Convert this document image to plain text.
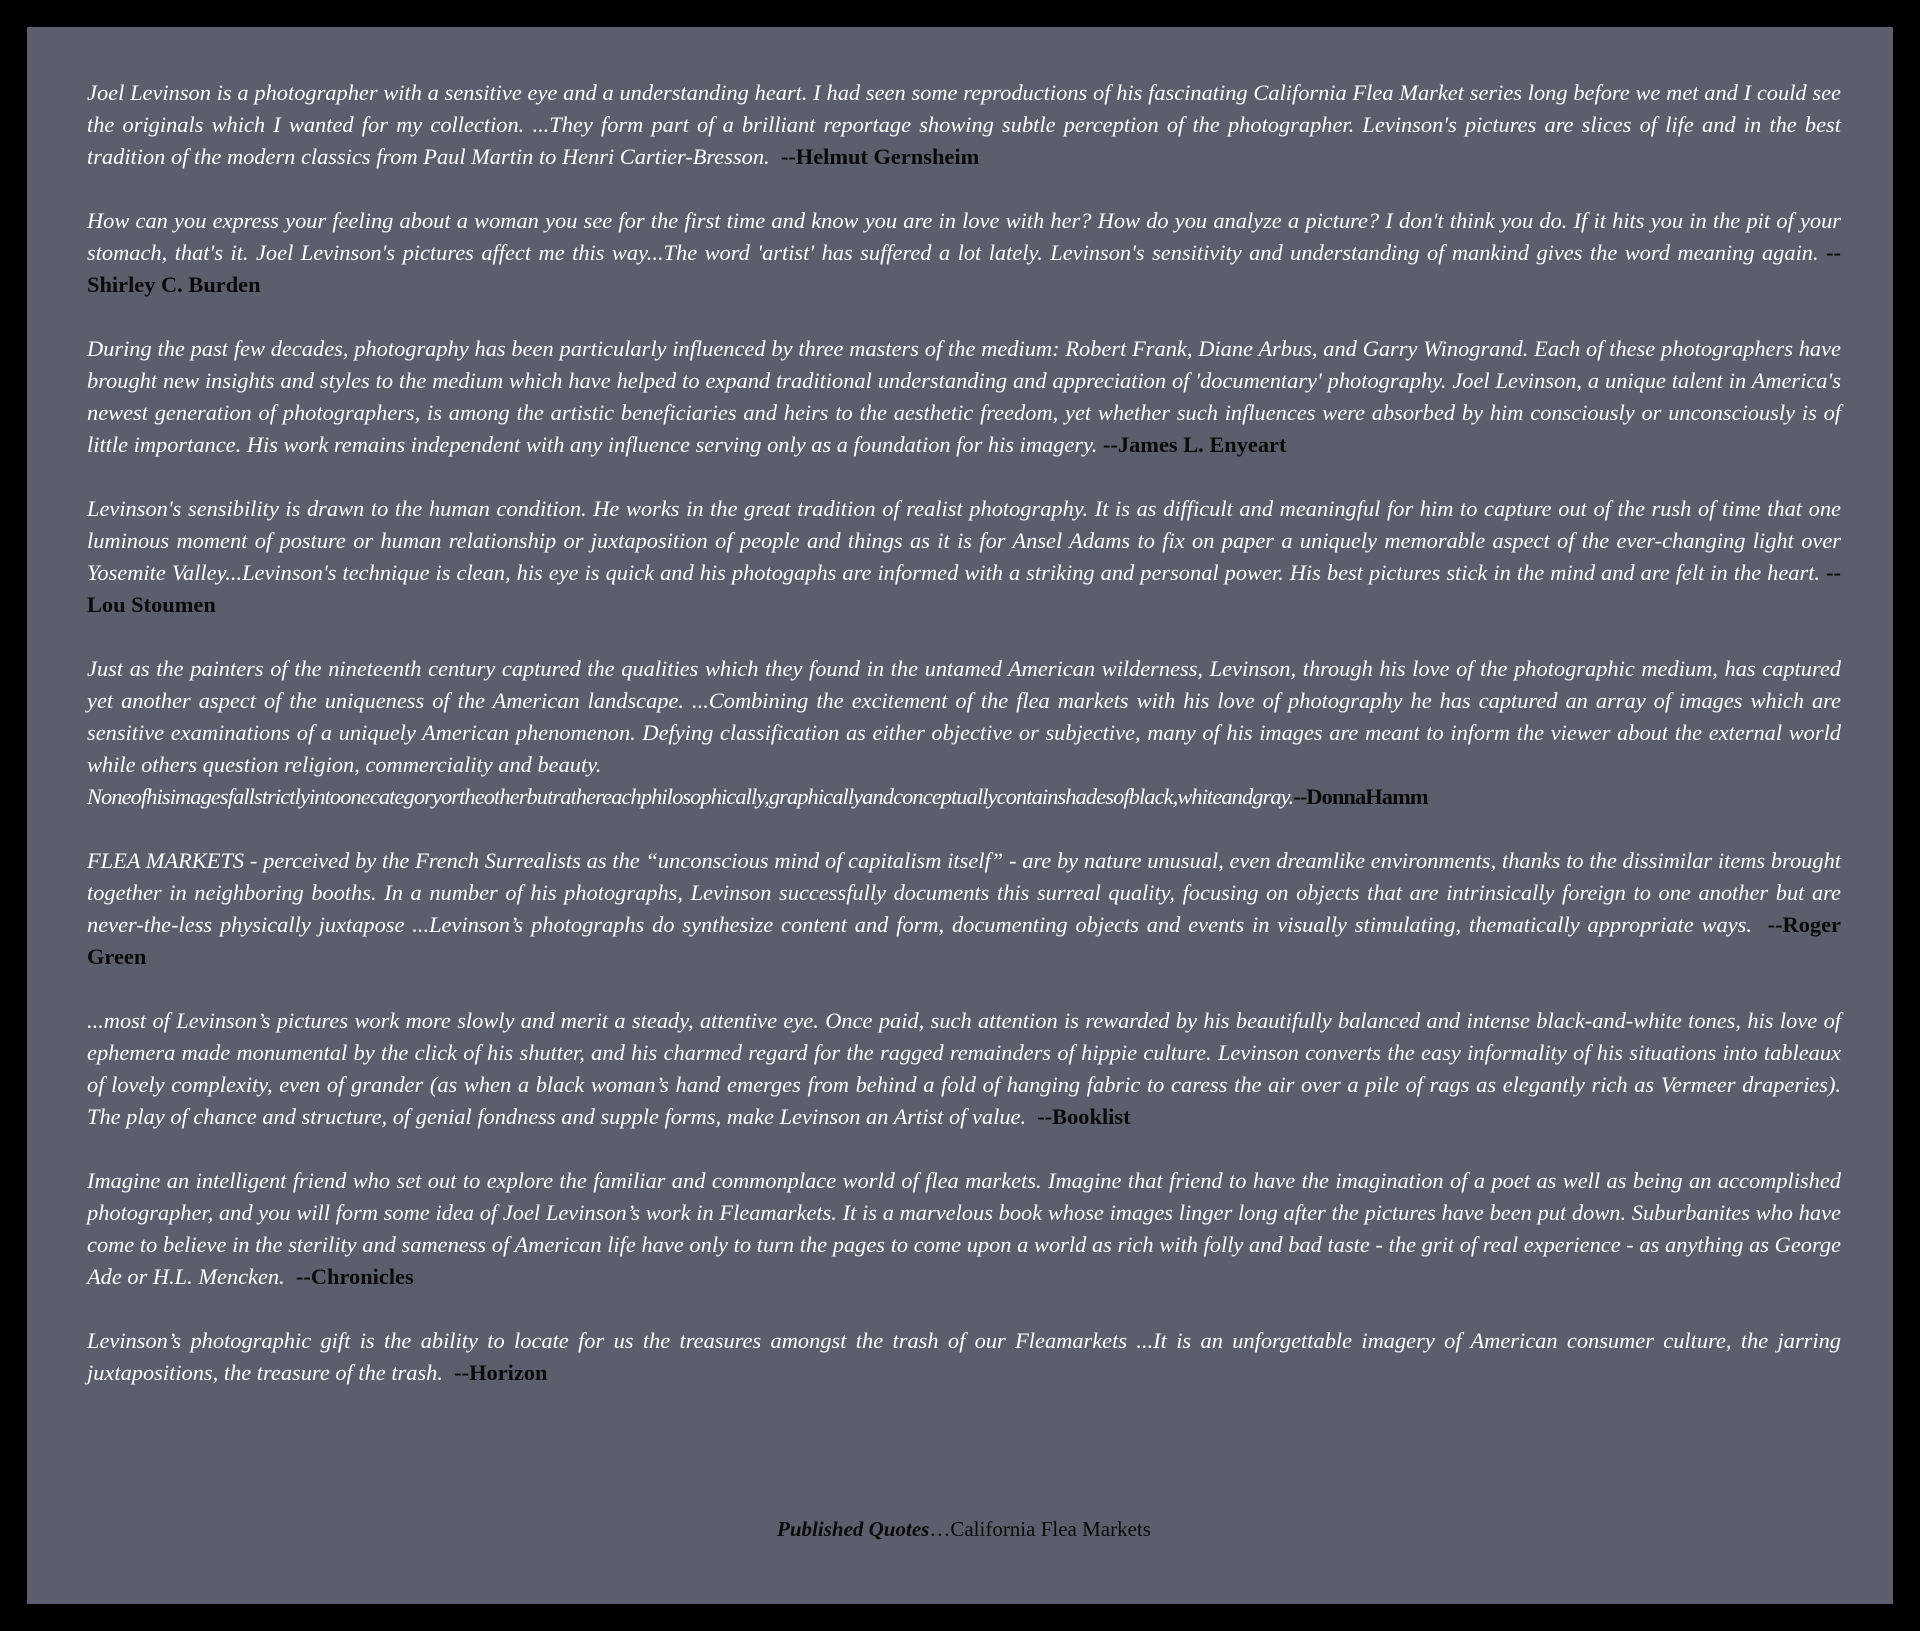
Joel Levinson is a photographer with a sensitive eye and a understanding heart. I had seen some reproductions of his fascinating California Flea Market series long before we met and I could see the originals which I wanted for my collection. ...They form part of a brilliant reportage showing subtle perception of the photographer. Levinson's pictures are slices of life and in the best tradition of the modern classics from Paul Martin to Henri Cartier-Bresson. --Helmut Gernsheim

How can you express your feeling about a woman you see for the first time and know you are in love with her? How do you analyze a picture? I don't think you do. If it hits you in the pit of your stomach, that's it. Joel Levinson's pictures affect me this way...The word 'artist' has suffered a lot lately. Levinson's sensitivity and understanding of mankind gives the word meaning again. --Shirley C. Burden

During the past few decades, photography has been particularly influenced by three masters of the medium: Robert Frank, Diane Arbus, and Garry Winogrand. Each of these photographers have brought new insights and styles to the medium which have helped to expand traditional understanding and appreciation of 'documentary' photography. Joel Levinson, a unique talent in America's newest generation of photographers, is among the artistic beneficiaries and heirs to the aesthetic freedom, yet whether such influences were absorbed by him consciously or unconsciously is of little importance. His work remains independent with any influence serving only as a foundation for his imagery. --James L. Enyeart

Levinson's sensibility is drawn to the human condition. He works in the great tradition of realist photography. It is as difficult and meaningful for him to capture out of the rush of time that one luminous moment of posture or human relationship or juxtaposition of people and things as it is for Ansel Adams to fix on paper a uniquely memorable aspect of the ever-changing light over Yosemite Valley...Levinson's technique is clean, his eye is quick and his photogaphs are informed with a striking and personal power. His best pictures stick in the mind and are felt in the heart. --Lou Stoumen

Just as the painters of the nineteenth century captured the qualities which they found in the untamed American wilderness, Levinson, through his love of the photographic medium, has captured yet another aspect of the uniqueness of the American landscape. ...Combining the excitement of the flea markets with his love of photography he has captured an array of images which are sensitive examinations of a uniquely American phenomenon. Defying classification as either objective or subjective, many of his images are meant to inform the viewer about the external world while others question religion, commerciality and beauty.
Noneofhisimagesfallstrictlyintoonecategoryortheotherbutrathereachphilosophically,graphicallyandconceptuallycontainshadesofblack,whiteandgray.--DonnaHamm

FLEA MARKETS - perceived by the French Surrealists as the “unconscious mind of capitalism itself” - are by nature unusual, even dreamlike environments, thanks to the dissimilar items brought together in neighboring booths. In a number of his photographs, Levinson successfully documents this surreal quality, focusing on objects that are intrinsically foreign to one another but are never-the-less physically juxtapose ...Levinson’s photographs do synthesize content and form, documenting objects and events in visually stimulating, thematically appropriate ways. --Roger Green

...most of Levinson’s pictures work more slowly and merit a steady, attentive eye. Once paid, such attention is rewarded by his beautifully balanced and intense black-and-white tones, his love of ephemera made monumental by the click of his shutter, and his charmed regard for the ragged remainders of hippie culture. Levinson converts the easy informality of his situations into tableaux of lovely complexity, even of grander (as when a black woman’s hand emerges from behind a fold of hanging fabric to caress the air over a pile of rags as elegantly rich as Vermeer draperies). The play of chance and structure, of genial fondness and supple forms, make Levinson an Artist of value. --Booklist

Imagine an intelligent friend who set out to explore the familiar and commonplace world of flea markets. Imagine that friend to have the imagination of a poet as well as being an accomplished photographer, and you will form some idea of Joel Levinson’s work in Fleamarkets. It is a marvelous book whose images linger long after the pictures have been put down. Suburbanites who have come to believe in the sterility and sameness of American life have only to turn the pages to come upon a world as rich with folly and bad taste - the grit of real experience - as anything as George Ade or H.L. Mencken. --Chronicles

Levinson’s photographic gift is the ability to locate for us the treasures amongst the trash of our Fleamarkets ...It is an unforgettable imagery of American consumer culture, the jarring juxtapositions, the treasure of the trash. --Horizon

Published Quotes…California Flea Markets
